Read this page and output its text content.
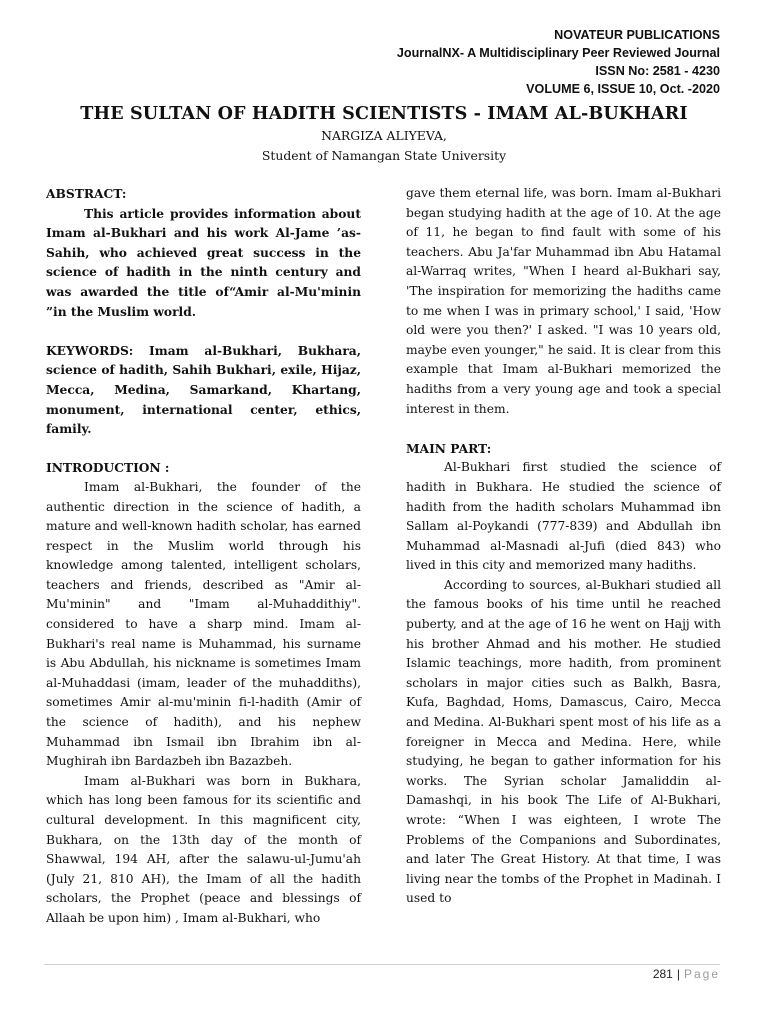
NOVATEUR PUBLICATIONS
JournalNX- A Multidisciplinary Peer Reviewed Journal
ISSN No: 2581 - 4230
VOLUME 6, ISSUE 10, Oct. -2020
THE SULTAN OF HADITH SCIENTISTS - IMAM AL-BUKHARI
NARGIZA ALIYEVA,
Student of Namangan State University

ABSTRACT:

This article provides information about Imam al-Bukhari and his work Al-Jame ’as-Sahih, who achieved great success in the science of hadith in the ninth century and was awarded the title of“Amir al-Mu'minin ”in the Muslim world.

KEYWORDS: Imam al-Bukhari, Bukhara, science of hadith, Sahih Bukhari, exile, Hijaz, Mecca, Medina, Samarkand, Khartang, monument, international center, ethics, family.

INTRODUCTION :

Imam al-Bukhari, the founder of the authentic direction in the science of hadith, a mature and well-known hadith scholar, has earned respect in the Muslim world through his knowledge among talented, intelligent scholars, teachers and friends, described as "Amir al-Mu'minin" and "Imam al-Muhaddithiy". considered to have a sharp mind. Imam al-Bukhari's real name is Muhammad, his surname is Abu Abdullah, his nickname is sometimes Imam al-Muhaddasi (imam, leader of the muhaddiths), sometimes Amir al-mu'minin fi-l-hadith (Amir of the science of hadith), and his nephew Muhammad ibn Ismail ibn Ibrahim ibn al-Mughirah ibn Bardazbeh ibn Bazazbeh.

Imam al-Bukhari was born in Bukhara, which has long been famous for its scientific and cultural development. In this magnificent city, Bukhara, on the 13th day of the month of Shawwal, 194 AH, after the salawu-ul-Jumu'ah (July 21, 810 AH), the Imam of all the hadith scholars, the Prophet (peace and blessings of Allaah be upon him) , Imam al-Bukhari, who

gave them eternal life, was born. Imam al-Bukhari began studying hadith at the age of 10. At the age of 11, he began to find fault with some of his teachers. Abu Ja'far Muhammad ibn Abu Hatamal al-Warraq writes, "When I heard al-Bukhari say, 'The inspiration for memorizing the hadiths came to me when I was in primary school,' I said, 'How old were you then?' I asked. "I was 10 years old, maybe even younger," he said. It is clear from this example that Imam al-Bukhari memorized the hadiths from a very young age and took a special interest in them.

MAIN PART:

Al-Bukhari first studied the science of hadith in Bukhara. He studied the science of hadith from the hadith scholars Muhammad ibn Sallam al-Poykandi (777-839) and Abdullah ibn Muhammad al-Masnadi al-Jufi (died 843) who lived in this city and memorized many hadiths.

According to sources, al-Bukhari studied all the famous books of his time until he reached puberty, and at the age of 16 he went on Hajj with his brother Ahmad and his mother. He studied Islamic teachings, more hadith, from prominent scholars in major cities such as Balkh, Basra, Kufa, Baghdad, Homs, Damascus, Cairo, Mecca and Medina. Al-Bukhari spent most of his life as a foreigner in Mecca and Medina. Here, while studying, he began to gather information for his works. The Syrian scholar Jamaliddin al-Damashqi, in his book The Life of Al-Bukhari, wrote: “When I was eighteen, I wrote The Problems of the Companions and Subordinates, and later The Great History. At that time, I was living near the tombs of the Prophet in Madinah. I used to

281 | Page
